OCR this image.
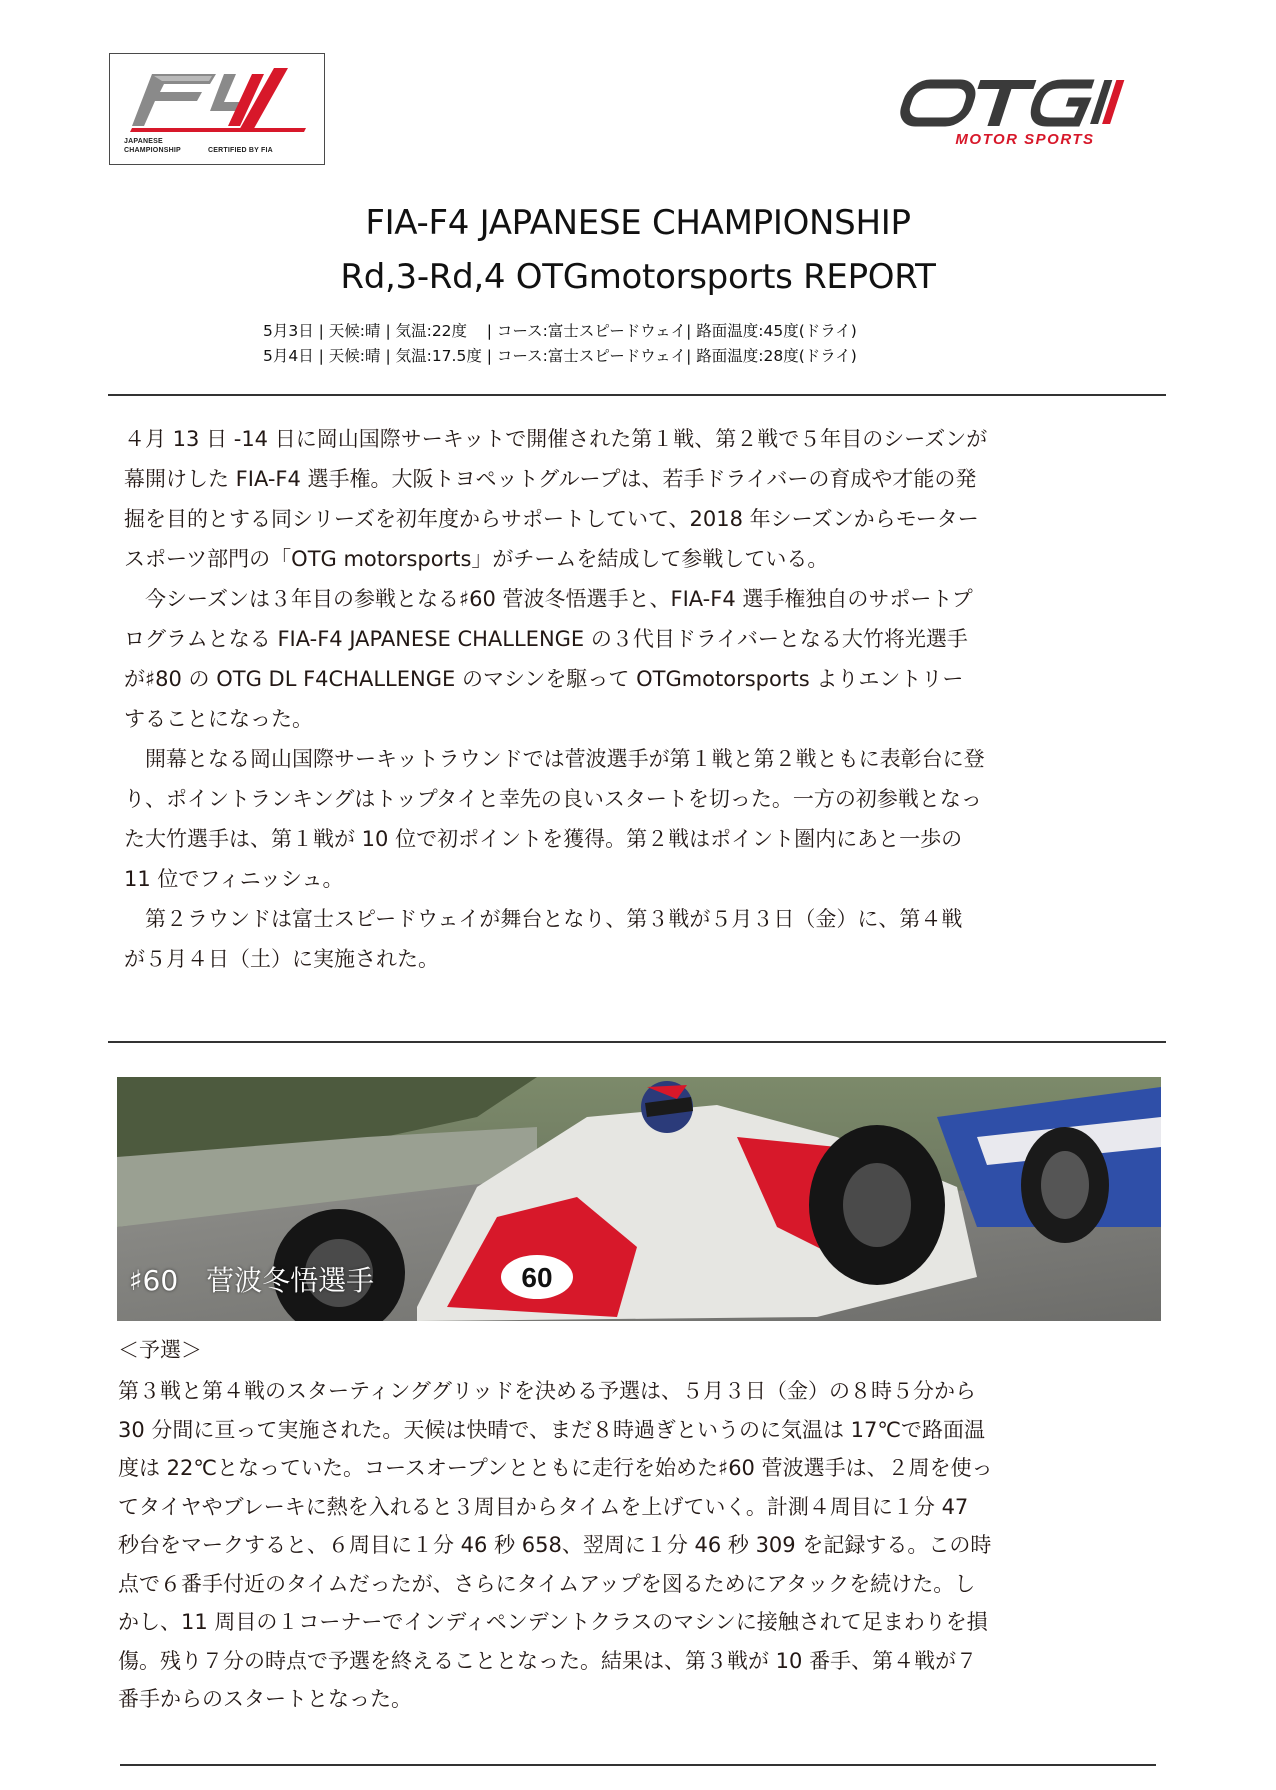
JAPANESE
CHAMPIONSHIP	CERTIFIED BY FIA
MOTOR SPORTS
FIA-F4 JAPANESE CHAMPIONSHIP
Rd,3-Rd,4 OTGmotorsports REPORT
5月3日 | 天候:晴 | 気温:22度    | コース:富士スピードウェイ| 路面温度:45度(ドライ)
5月4日 | 天候:晴 | 気温:17.5度 | コース:富士スピードウェイ| 路面温度:28度(ドライ)

４月 13 日 -14 日に岡山国際サーキットで開催された第１戦、第２戦で５年目のシーズンが

幕開けした FIA-F4 選手権。大阪トヨペットグループは、若手ドライバーの育成や才能の発

掘を目的とする同シリーズを初年度からサポートしていて、2018 年シーズンからモーター

スポーツ部門の「OTG motorsports」がチームを結成して参戦している。

　今シーズンは３年目の参戦となる♯60 菅波冬悟選手と、FIA-F4 選手権独自のサポートプ

ログラムとなる FIA-F4 JAPANESE CHALLENGE の３代目ドライバーとなる大竹将光選手

が♯80 の OTG DL F4CHALLENGE のマシンを駆って OTGmotorsports よりエントリー

することになった。

　開幕となる岡山国際サーキットラウンドでは菅波選手が第１戦と第２戦ともに表彰台に登

り、ポイントランキングはトップタイと幸先の良いスタートを切った。一方の初参戦となっ

た大竹選手は、第１戦が 10 位で初ポイントを獲得。第２戦はポイント圏内にあと一歩の

11 位でフィニッシュ。

　第２ラウンドは富士スピードウェイが舞台となり、第３戦が５月３日（金）に、第４戦

が５月４日（土）に実施された。

60
♯60　菅波冬悟選手
＜予選＞

第３戦と第４戦のスターティンググリッドを決める予選は、５月３日（金）の８時５分から

30 分間に亘って実施された。天候は快晴で、まだ８時過ぎというのに気温は 17℃で路面温

度は 22℃となっていた。コースオープンとともに走行を始めた♯60 菅波選手は、２周を使っ

てタイヤやブレーキに熱を入れると３周目からタイムを上げていく。計測４周目に１分 47

秒台をマークすると、６周目に１分 46 秒 658、翌周に１分 46 秒 309 を記録する。この時

点で６番手付近のタイムだったが、さらにタイムアップを図るためにアタックを続けた。し

かし、11 周目の１コーナーでインディペンデントクラスのマシンに接触されて足まわりを損

傷。残り７分の時点で予選を終えることとなった。結果は、第３戦が 10 番手、第４戦が７

番手からのスタートとなった。
